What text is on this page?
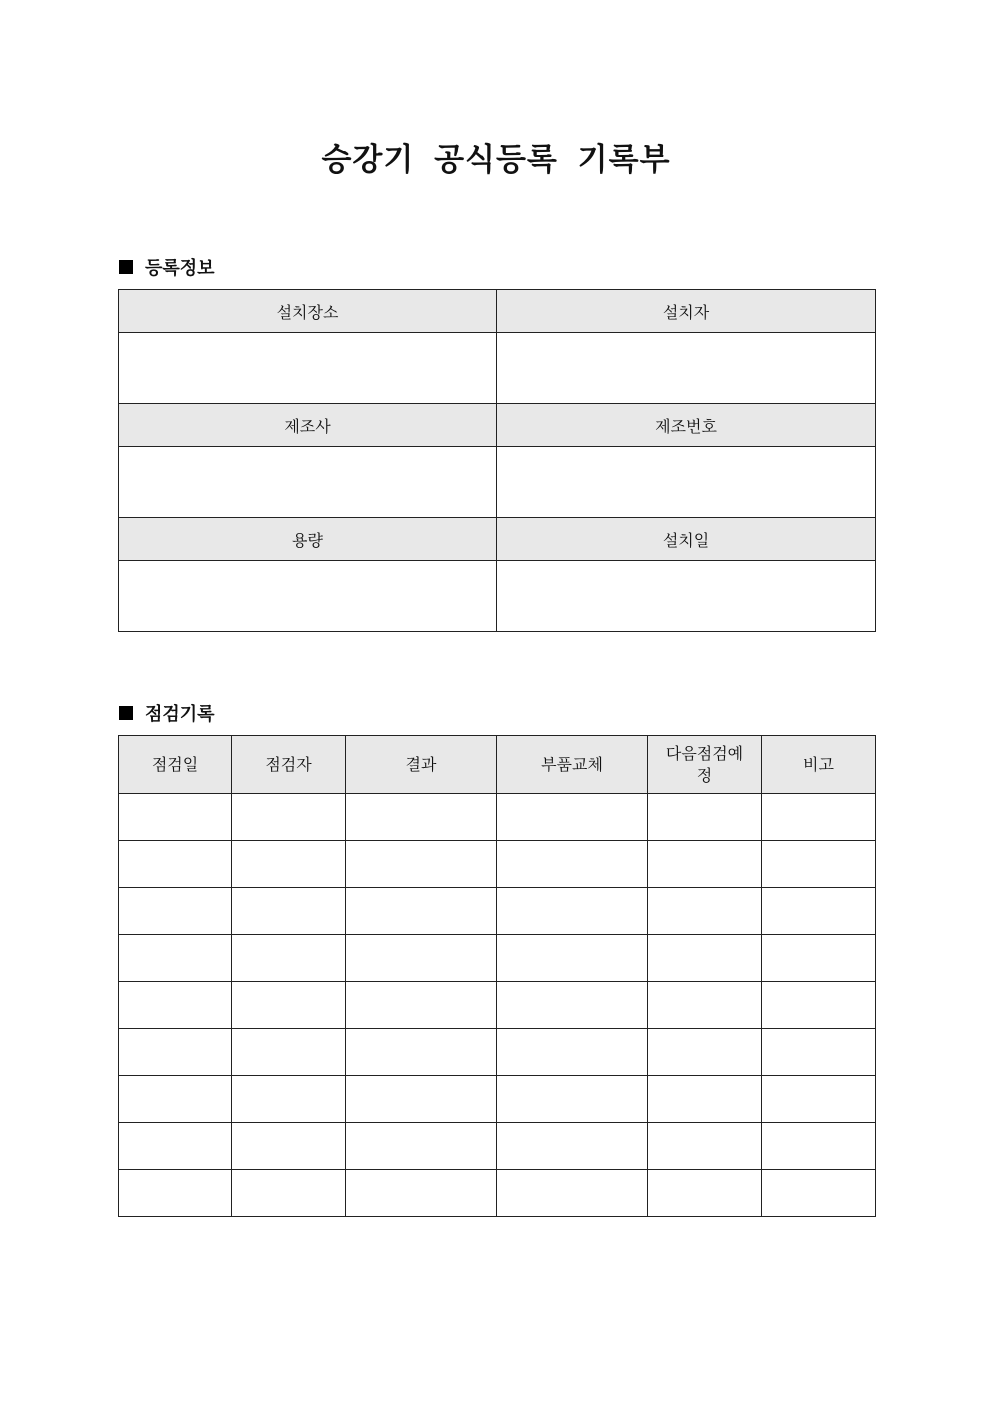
승강기 공식등록 기록부
등록정보
설치장소	설치자

제조사	제조번호

용량	설치일

점검기록
점검일	점검자	결과	부품교체	다음점검예정	비고
